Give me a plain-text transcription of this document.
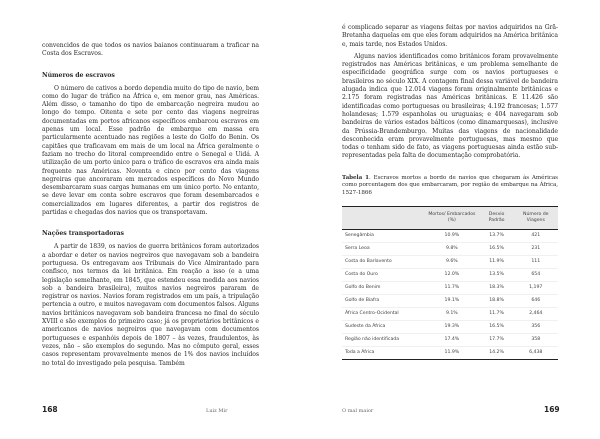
convencidos de que todos os navios baianos continuaram a traficar na Costa dos Escravos.

Números de escravos

O número de cativos a bordo dependia muito do tipo de navio, bem como do lugar de tráfico na África e, em menor grau, nas Américas. Além disso, o tamanho do tipo de embarcação negreira mudou ao longo do tempo. Oitenta e sete por cento das viagens negreiras documentadas em portos africanos específicos embarcou escravos em apenas um local. Esse padrão de embarque em massa era particularmente acentuado nas regiões a leste do Golfo do Benin. Os capitães que traficavam em mais de um local na África geralmente o faziam no trecho do litoral compreendido entre o Senegal e Uidá. A utilização de um porto único para o tráfico de escravos era ainda mais frequente nas Américas. Noventa e cinco por cento das viagens negreiras que ancoraram em mercados específicos do Novo Mundo desembarcaram suas cargas humanas em um único porto. No entanto, se deve levar em conta sobre escravos que foram desembarcados e comercializados em lugares diferentes, a partir dos registros de partidas e chegadas dos navios que os transportavam.

Nações transportadoras

A partir de 1839, os navios de guerra britânicos foram autorizados a abordar e deter os navios negreiros que navegavam sob a bandeira portuguesa. Os entregavam aos Tribunais do Vice Almirantado para confisco, nos termos da lei britânica. Em reação a isso (e a uma legislação semelhante, em 1845, que estendeu essa medida aos navios sob a bandeira brasileira), muitos navios negreiros pararam de registrar os navios. Navios foram registrados em um país, a tripulação pertencia a outro, e muitos navegavam com documentos falsos. Alguns navios britânicos navegavam sob bandeira francesa no final do século XVIII e são exemplos do primeiro caso; já os proprietários britânicos e americanos de navios negreiros que navegavam com documentos portugueses e espanhóis depois de 1807 – às vezes, fraudulentos, às vezes, não – são exemplos do segundo. Mas no cômputo geral, esses casos representam provavelmente menos de 1% dos navios incluídos no total do investigado pela pesquisa. Também

168	Luiz Mir

é complicado separar as viagens feitas por navios adquiridos na Grã-Bretanha daquelas em que eles foram adquiridos na América britânica e, mais tarde, nos Estados Unidos.

Alguns navios identificados como britânicos foram provavelmente registrados nas Américas britânicas, e um problema semelhante de especificidade geográfica surge com os navios portugueses e brasileiros no século XIX. A contagem final dessa variável de bandeira alugada indica que 12.014 viagens foram originalmente britânicas e 2.175 foram registradas nas Américas britânicas. E 11.426 são identificadas como portuguesas ou brasileiras; 4.192 francesas; 1.577 holandesas; 1.579 espanholas ou uruguaias; e 404 navegaram sob bandeiras de vários estados bálticos (como dinamarquesas), inclusive da Prússia-Brandemburgo. Muitas das viagens de nacionalidade desconhecida eram provavelmente portuguesas, mas mesmo que todas o tenham sido de fato, as viagens portuguesas ainda estão sub-representadas pela falta de documentação comprobatória.

Tabela 1. Escravos mortos a bordo de navios que chegaram às Américas como porcentagem dos que embarcaram, por região de embarque na África, 1527-1866
	Mortos/ Embarcados (%)	Desvio Padrão	Número de Viagens
Senegâmbia	10.9%	13.7%	421
Serra Leoa	9.8%	16.5%	231
Costa do Barlavento	9.6%	11.9%	111
Costa do Ouro	12.0%	13.5%	654
Golfo do Benim	11.7%	18.3%	1,197
Golfo de Biafra	19.1%	18.8%	646
África Centro-Ocidental	9.1%	11.7%	2,464
Sudeste da África	19.3%	16.5%	356
Região não identificada	17.4%	17.7%	358
Toda a África	11.9%	14.2%	6,438
O mal maior	169
